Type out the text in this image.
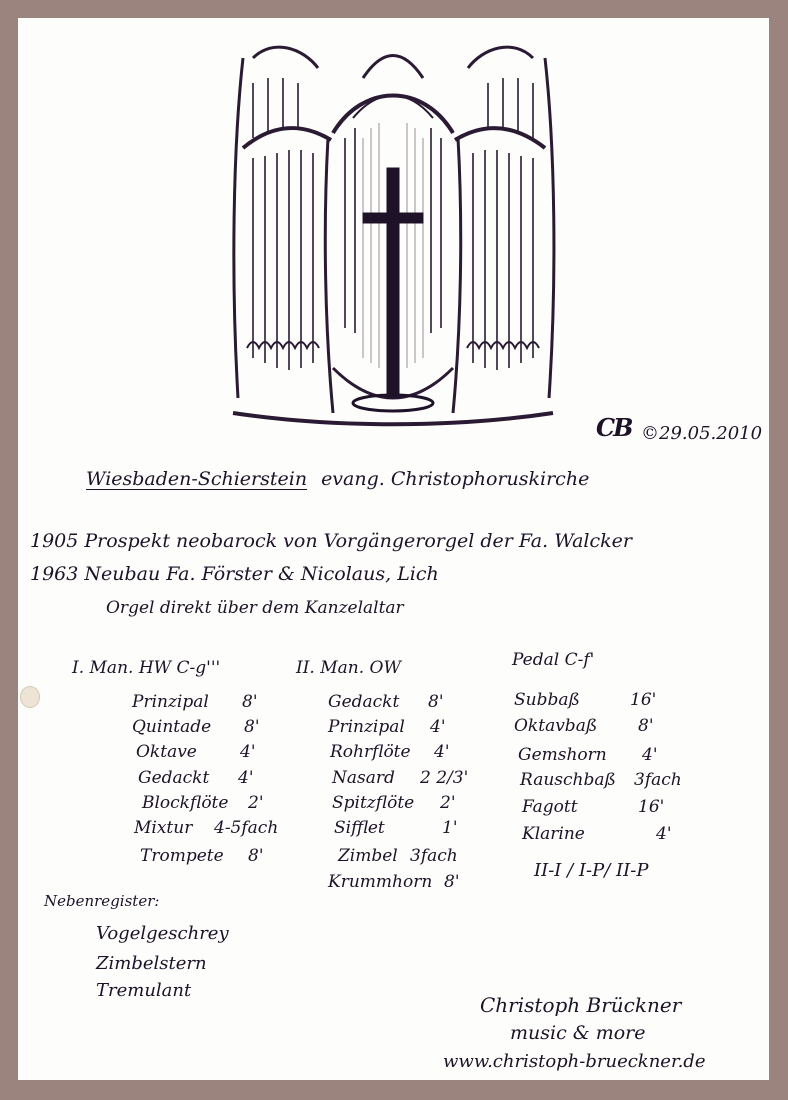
CB ©29.05.2010
Wiesbaden-Schierstein evang. Christophoruskirche
1905 Prospekt neobarock von Vorgängerorgel der Fa. Walcker
1963 Neubau Fa. Förster & Nicolaus, Lich
Orgel direkt über dem Kanzelaltar
I. Man. HW C-g'''
Prinzipal 8'
Quintade 8'
Oktave	4'
Gedackt 4'
Blockflöte 2'
Mixtur 4-5fach
Trompete 8'
II. Man. OW
Gedackt 8'
Prinzipal 4'
Rohrflöte 4'
Nasard 2 2/3'
Spitzflöte 2'
Sifflet	1'
Zimbel 3fach
Krummhorn 8'
Pedal C-f'
Subbaß	16'
Oktavbaß 8'
Gemshorn 4'
Rauschbaß 3fach
Fagott	16'
Klarine	4'
II-I / I-P/ II-P
Nebenregister:
Vogelgeschrey
Zimbelstern
Tremulant
Christoph Brückner
music & more
www.christoph-brueckner.de
